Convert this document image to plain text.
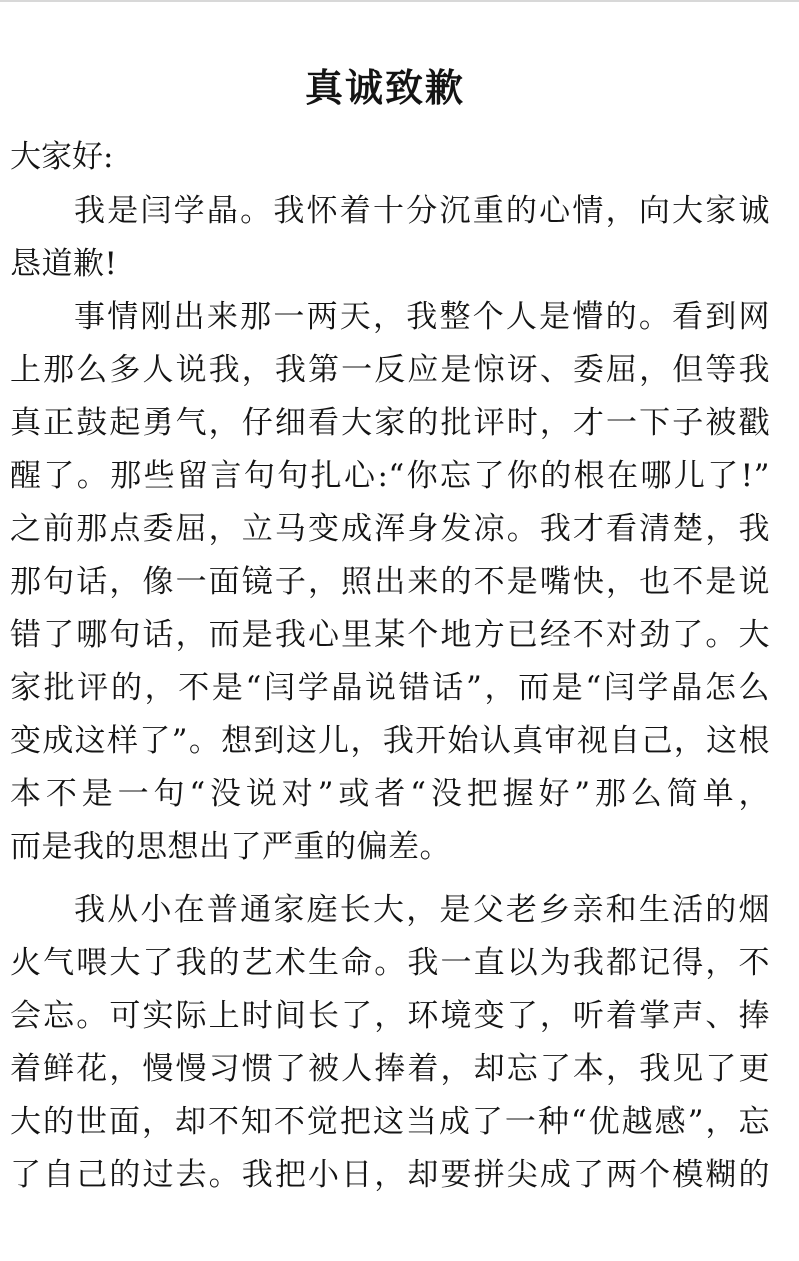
真诚致歉
大家好:
我是闫学晶。我怀着十分沉重的心情，向大家诚
恳道歉!
事情刚出来那一两天，我整个人是懵的。看到网
上那么多人说我，我第一反应是惊讶、委屈，但等我
真正鼓起勇气，仔细看大家的批评时，才一下子被戳
醒了。那些留言句句扎心:“你忘了你的根在哪儿了!”
之前那点委屈，立马变成浑身发凉。我才看清楚，我
那句话，像一面镜子，照出来的不是嘴快，也不是说
错了哪句话，而是我心里某个地方已经不对劲了。大
家批评的，不是“闫学晶说错话”，而是“闫学晶怎么
变成这样了”。想到这儿，我开始认真审视自己，这根
本不是一句“没说对”或者“没把握好”那么简单，
而是我的思想出了严重的偏差。
我从小在普通家庭长大，是父老乡亲和生活的烟
火气喂大了我的艺术生命。我一直以为我都记得，不
会忘。可实际上时间长了，环境变了，听着掌声、捧
着鲜花，慢慢习惯了被人捧着，却忘了本，我见了更
大的世面，却不知不觉把这当成了一种“优越感”，忘
了自己的过去。我把小日，却要拼尖成了两个模糊的
